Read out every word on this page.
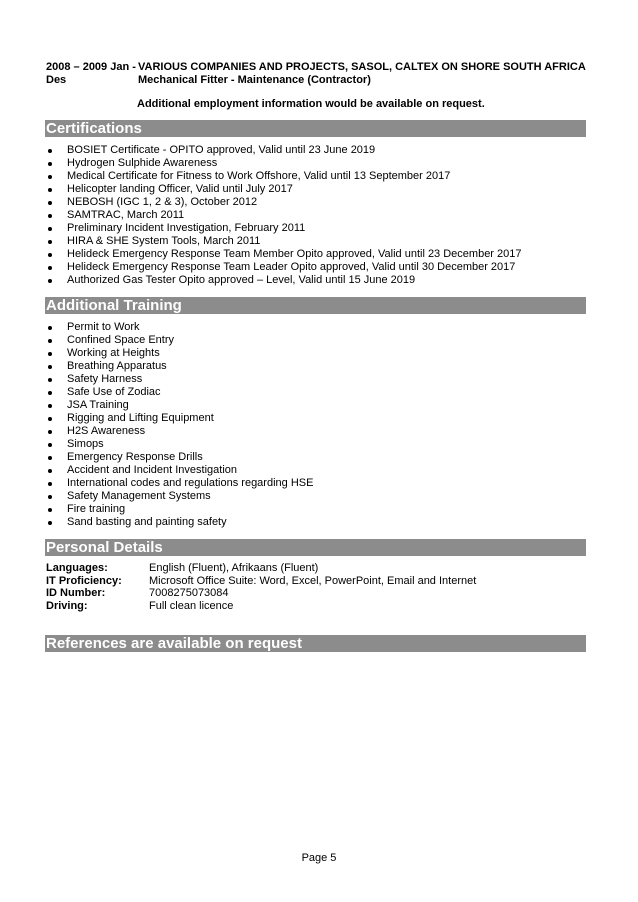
2008 – 2009 Jan - VARIOUS COMPANIES AND PROJECTS, SASOL, CALTEX ON SHORE SOUTH AFRICA
Des	Mechanical Fitter - Maintenance (Contractor)
Additional employment information would be available on request.
Certifications
BOSIET Certificate - OPITO approved, Valid until 23 June 2019
Hydrogen Sulphide Awareness
Medical Certificate for Fitness to Work Offshore, Valid until 13 September 2017
Helicopter landing Officer, Valid until July 2017
NEBOSH (IGC 1, 2 & 3), October 2012
SAMTRAC, March 2011
Preliminary Incident Investigation, February 2011
HIRA & SHE System Tools, March 2011
Helideck Emergency Response Team Member Opito approved, Valid until 23 December 2017
Helideck Emergency Response Team Leader Opito approved, Valid until 30 December 2017
Authorized Gas Tester Opito approved – Level, Valid until 15 June 2019
Additional Training
Permit to Work
Confined Space Entry
Working at Heights
Breathing Apparatus
Safety Harness
Safe Use of Zodiac
JSA Training
Rigging and Lifting Equipment
H2S Awareness
Simops
Emergency Response Drills
Accident and Incident Investigation
International codes and regulations regarding HSE
Safety Management Systems
Fire training
Sand basting and painting safety
Personal Details
Languages:	English (Fluent), Afrikaans (Fluent)
IT Proficiency:	Microsoft Office Suite: Word, Excel, PowerPoint, Email and Internet
ID Number:	7008275073084
Driving:	Full clean licence
References are available on request
Page 5
